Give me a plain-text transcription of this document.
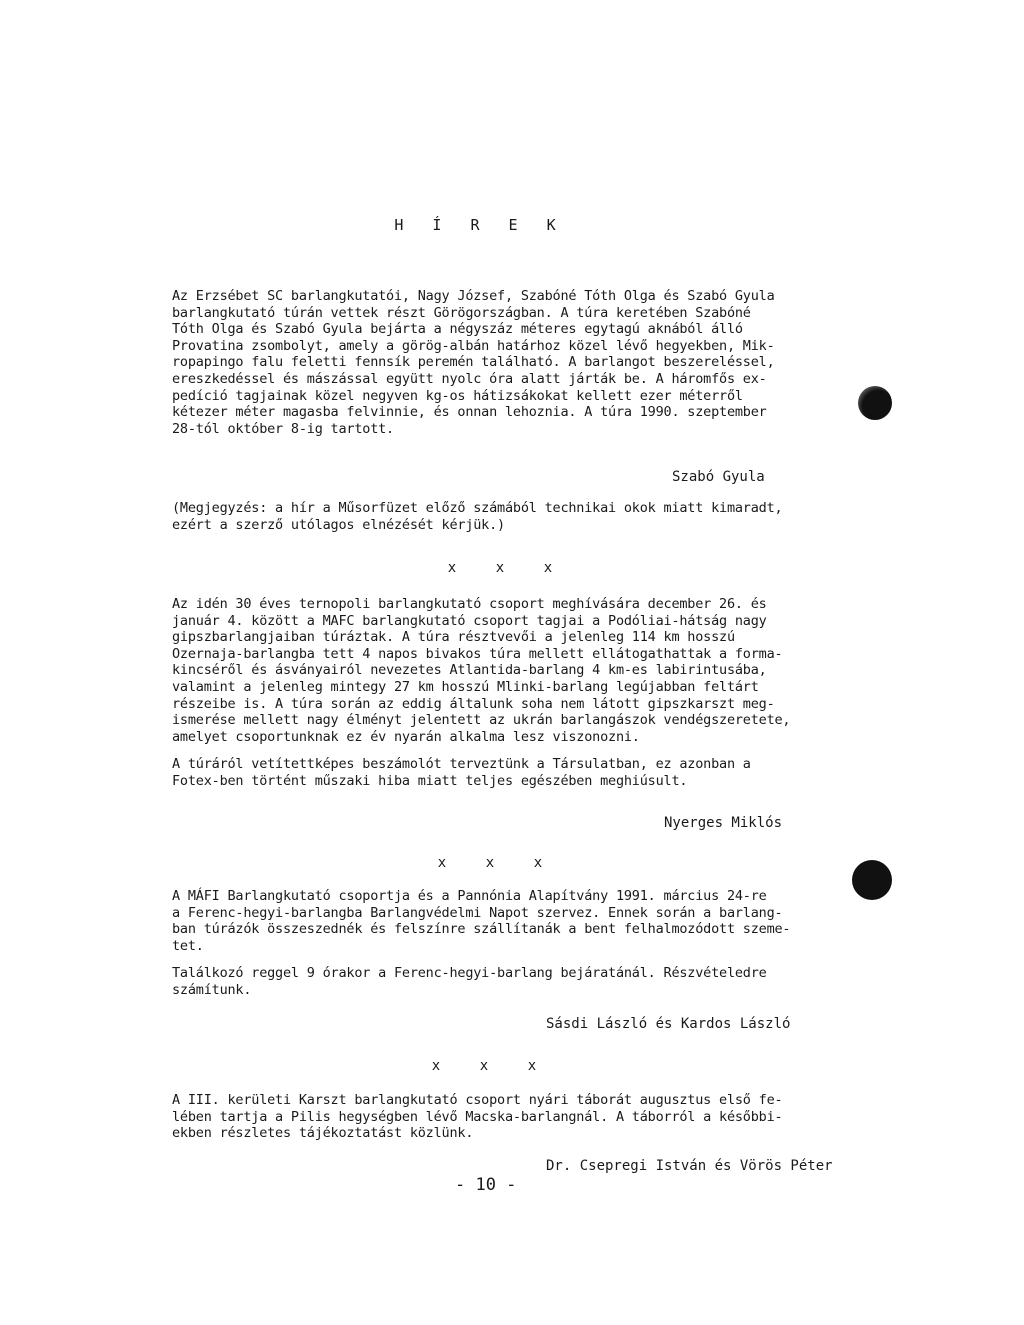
H Í R E K

Az Erzsébet SC barlangkutatói, Nagy József, Szabóné Tóth Olga és Szabó Gyula

barlangkutató túrán vettek részt Görögországban. A túra keretében Szabóné

Tóth Olga és Szabó Gyula bejárta a négyszáz méteres egytagú aknából álló

Provatina zsombolyt, amely a görög-albán határhoz közel lévő hegyekben, Mik-

ropapingo falu feletti fennsík peremén található. A barlangot beszereléssel,

ereszkedéssel és mászással együtt nyolc óra alatt járták be. A háromfős ex-

pedíció tagjainak közel negyven kg-os hátizsákokat kellett ezer méterről

kétezer méter magasba felvinnie, és onnan lehoznia. A túra 1990. szeptember

28-tól október 8-ig tartott.

Szabó Gyula

(Megjegyzés: a hír a Műsorfüzet előző számából technikai okok miatt kimaradt,

ezért a szerző utólagos elnézését kérjük.)

x	x	x

Az idén 30 éves ternopoli barlangkutató csoport meghívására december 26. és

január 4. között a MAFC barlangkutató csoport tagjai a Podóliai-hátság nagy

gipszbarlangjaiban túráztak. A túra résztvevői a jelenleg 114 km hosszú

Ozernaja-barlangba tett 4 napos bivakos túra mellett ellátogathattak a forma-

kincséről és ásványairól nevezetes Atlantida-barlang 4 km-es labirintusába,

valamint a jelenleg mintegy 27 km hosszú Mlinki-barlang legújabban feltárt

részeibe is. A túra során az eddig általunk soha nem látott gipszkarszt meg-

ismerése mellett nagy élményt jelentett az ukrán barlangászok vendégszeretete,

amelyet csoportunknak ez év nyarán alkalma lesz viszonozni.

A túráról vetítettképes beszámolót terveztünk a Társulatban, ez azonban a

Fotex-ben történt műszaki hiba miatt teljes egészében meghiúsult.

Nyerges Miklós
x	x	x

A MÁFI Barlangkutató csoportja és a Pannónia Alapítvány 1991. március 24-re

a Ferenc-hegyi-barlangba Barlangvédelmi Napot szervez. Ennek során a barlang-

ban túrázók összeszednék és felszínre szállítanák a bent felhalmozódott szeme-

tet.

Találkozó reggel 9 órakor a Ferenc-hegyi-barlang bejáratánál. Részvételedre

számítunk.

Sásdi László és Kardos László
x	x	x

A III. kerületi Karszt barlangkutató csoport nyári táborát augusztus első fe-

lében tartja a Pilis hegységben lévő Macska-barlangnál. A táborról a későbbi-

ekben részletes tájékoztatást közlünk.

Dr. Csepregi István és Vörös Péter
- 10 -
